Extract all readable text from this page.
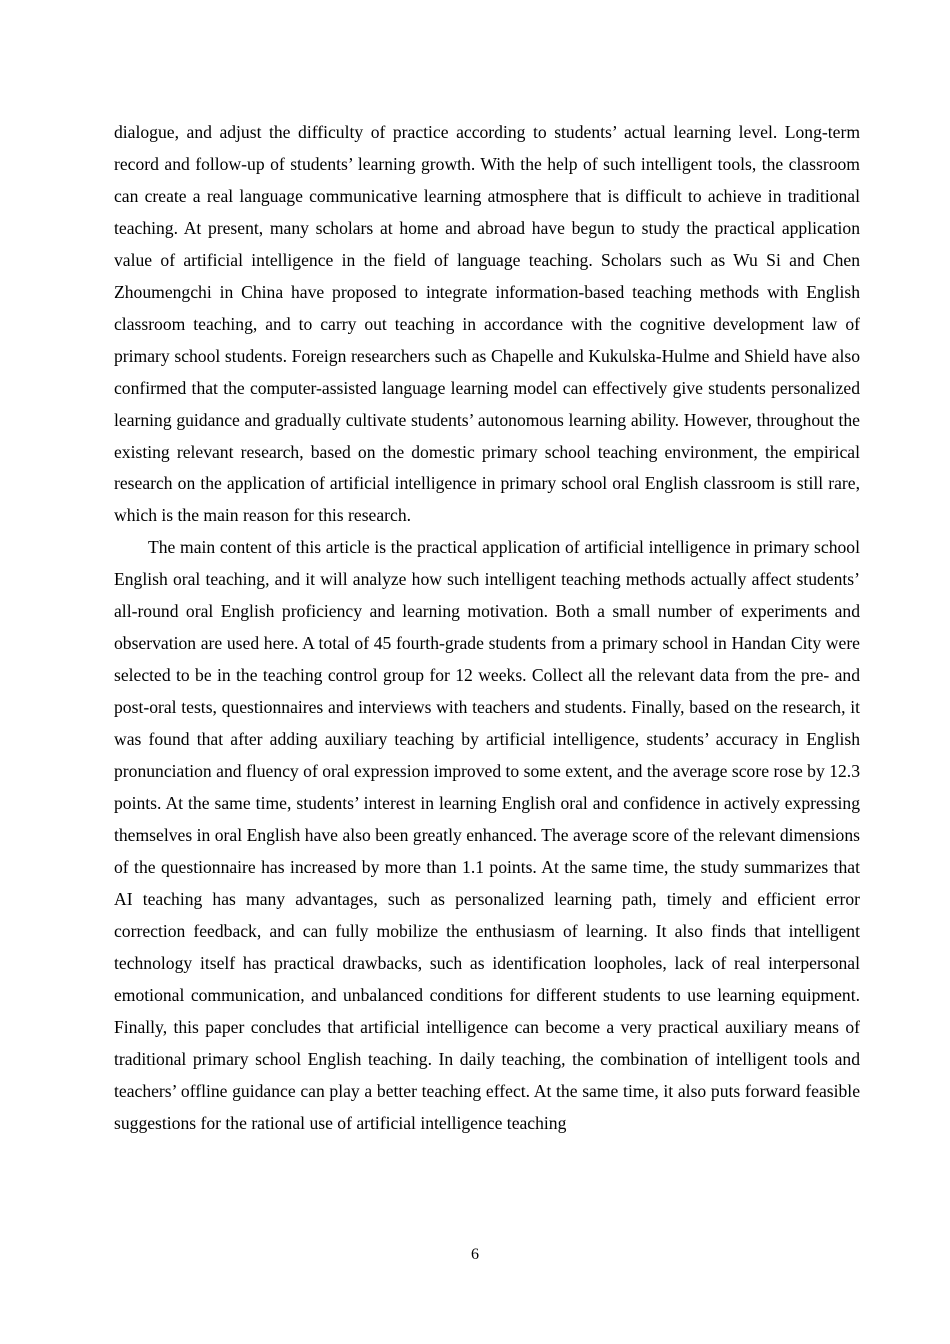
dialogue, and adjust the difficulty of practice according to students’ actual learning level. Long-term record and follow-up of students’ learning growth. With the help of such intelligent tools, the classroom can create a real language communicative learning atmosphere that is difficult to achieve in traditional teaching. At present, many scholars at home and abroad have begun to study the practical application value of artificial intelligence in the field of language teaching. Scholars such as Wu Si and Chen Zhoumengchi in China have proposed to integrate information-based teaching methods with English classroom teaching, and to carry out teaching in accordance with the cognitive development law of primary school students. Foreign researchers such as Chapelle and Kukulska-Hulme and Shield have also confirmed that the computer-assisted language learning model can effectively give students personalized learning guidance and gradually cultivate students’ autonomous learning ability. However, throughout the existing relevant research, based on the domestic primary school teaching environment, the empirical research on the application of artificial intelligence in primary school oral English classroom is still rare, which is the main reason for this research.

The main content of this article is the practical application of artificial intelligence in primary school English oral teaching, and it will analyze how such intelligent teaching methods actually affect students’ all-round oral English proficiency and learning motivation. Both a small number of experiments and observation are used here. A total of 45 fourth-grade students from a primary school in Handan City were selected to be in the teaching control group for 12 weeks. Collect all the relevant data from the pre- and post-oral tests, questionnaires and interviews with teachers and students. Finally, based on the research, it was found that after adding auxiliary teaching by artificial intelligence, students’ accuracy in English pronunciation and fluency of oral expression improved to some extent, and the average score rose by 12.3 points. At the same time, students’ interest in learning English oral and confidence in actively expressing themselves in oral English have also been greatly enhanced. The average score of the relevant dimensions of the questionnaire has increased by more than 1.1 points. At the same time, the study summarizes that AI teaching has many advantages, such as personalized learning path, timely and efficient error correction feedback, and can fully mobilize the enthusiasm of learning. It also finds that intelligent technology itself has practical drawbacks, such as identification loopholes, lack of real interpersonal emotional communication, and unbalanced conditions for different students to use learning equipment. Finally, this paper concludes that artificial intelligence can become a very practical auxiliary means of traditional primary school English teaching. In daily teaching, the combination of intelligent tools and teachers’ offline guidance can play a better teaching effect. At the same time, it also puts forward feasible suggestions for the rational use of artificial intelligence teaching

6
